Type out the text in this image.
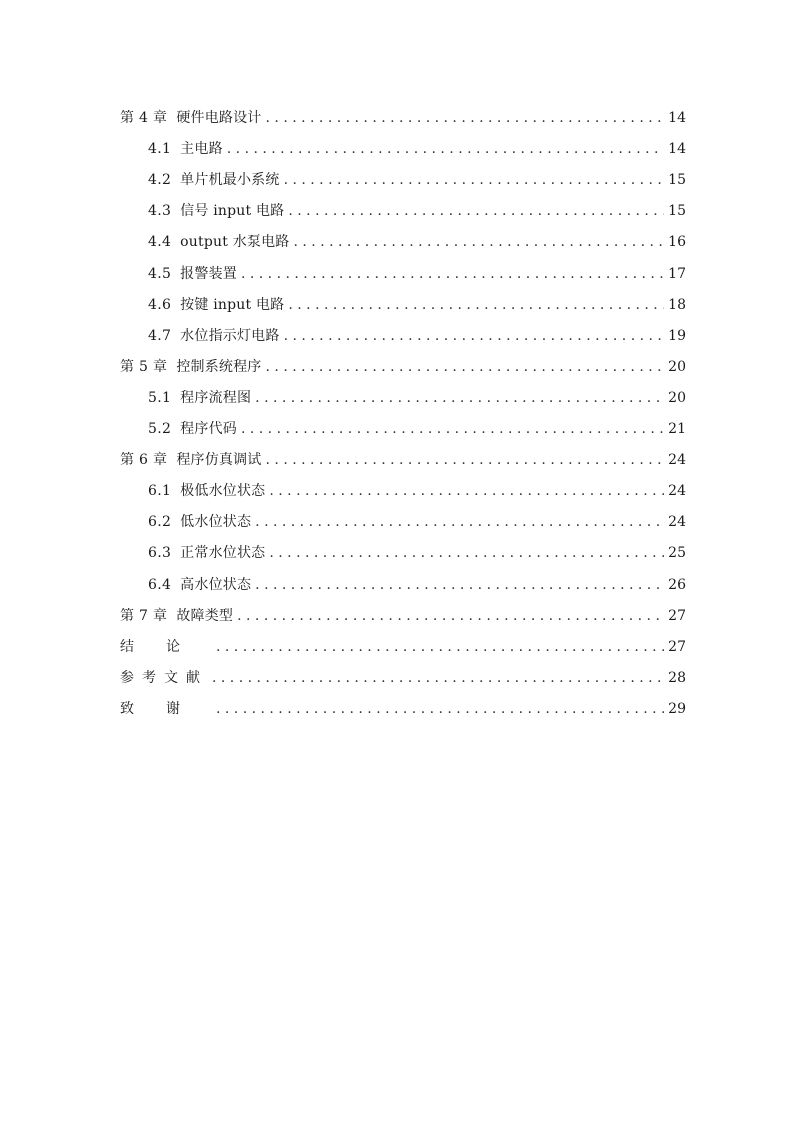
第 4 章 硬件电路设计 . . .	14
4.1 主电路 . . .	14
4.2 单片机最小系统 . . .	15
4.3 信号 input 电路 . . .	15
4.4 output 水泵电路 . . .	16
4.5 报警装置 . . .	17
4.6 按键 input 电路 . . .	18
4.7 水位指示灯电路 . . .	19
第 5 章 控制系统程序 . . .	20
5.1 程序流程图 . . .	20
5.2 程序代码 . . .	21
第 6 章 程序仿真调试 . . .	24
6.1 极低水位状态 . . .	24
6.2 低水位状态 . . .	24
6.3 正常水位状态 . . .	25
6.4 高水位状态 . . .	26
第 7 章 故障类型 . . .	27
结论 . . .	27
参考文献 . . .	28
致谢 . . .	29
